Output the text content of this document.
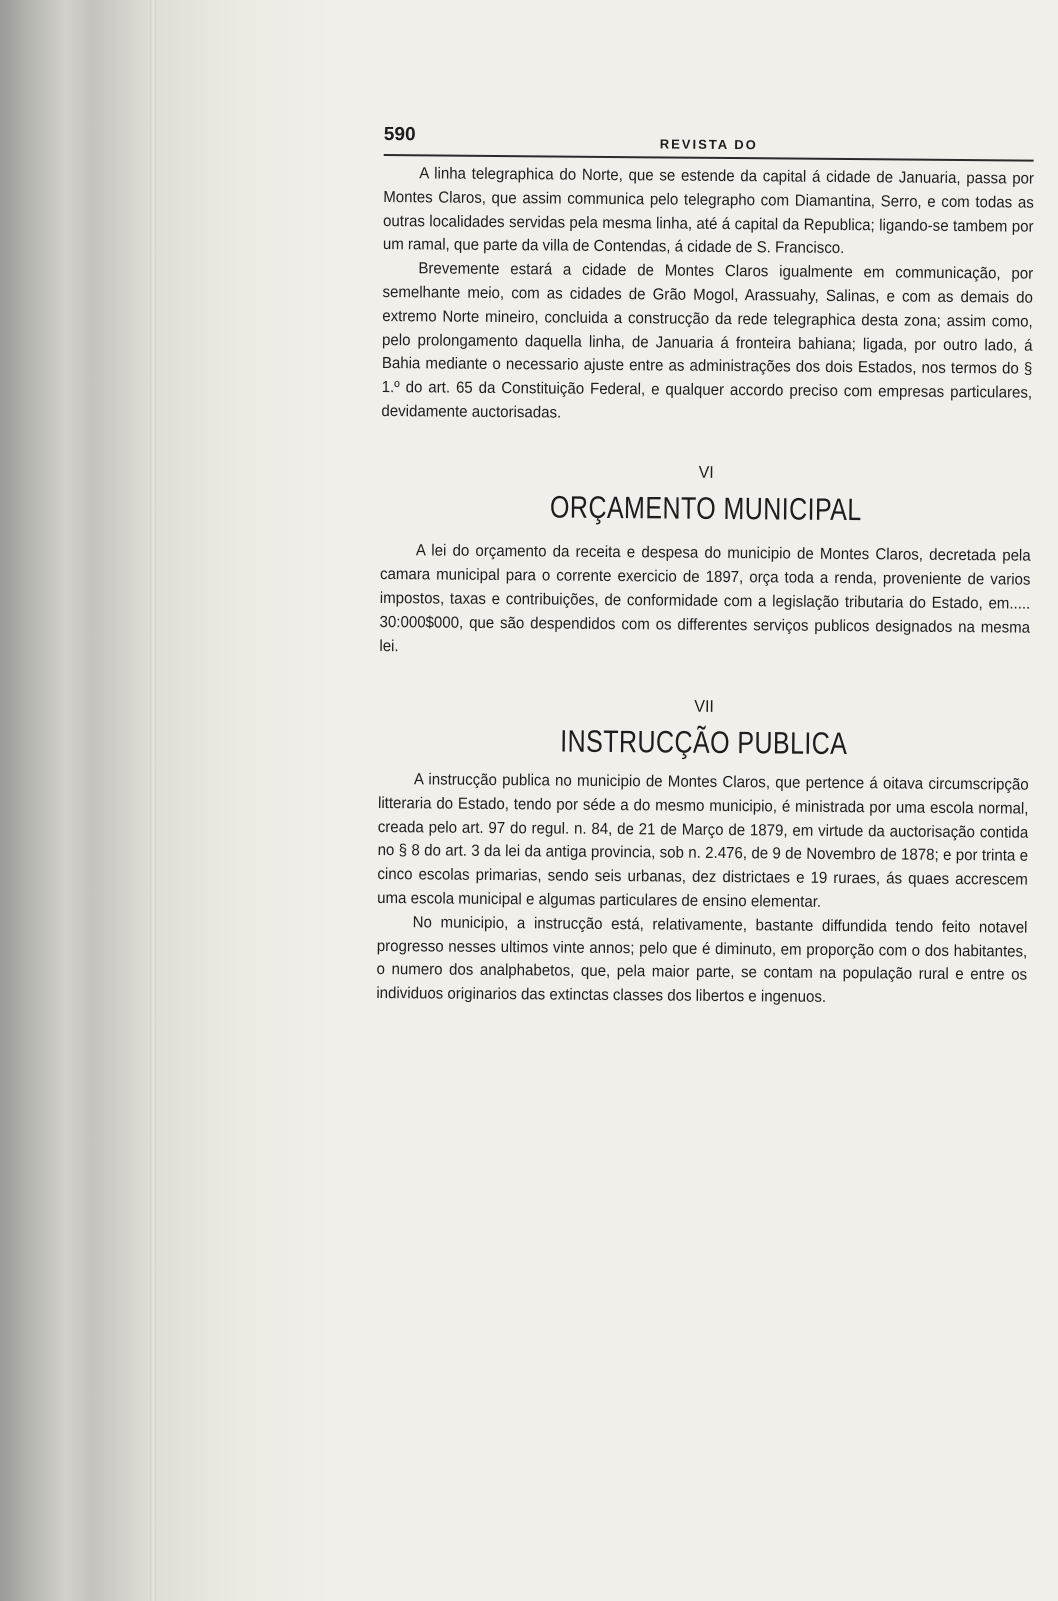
590	REVISTA DO

A linha telegraphica do Norte, que se estende da capital á cidade de Januaria, passa por Montes Claros, que assim communica pelo telegrapho com Diamantina, Serro, e com todas as outras localidades servidas pela mesma linha, até á capital da Republica; ligando-se tambem por um ramal, que parte da villa de Contendas, á cidade de S. Francisco.

Brevemente estará a cidade de Montes Claros igualmente em communicação, por semelhante meio, com as cidades de Grão Mogol, Arassuahy, Salinas, e com as demais do extremo Norte mineiro, concluida a construcção da rede telegraphica desta zona; assim como, pelo prolongamento daquella linha, de Januaria á fronteira bahiana; ligada, por outro lado, á Bahia mediante o necessario ajuste entre as administrações dos dois Estados, nos termos do § 1.º do art. 65 da Constituição Federal, e qualquer accordo preciso com empresas particulares, devidamente auctorisadas.

VI
ORÇAMENTO MUNICIPAL

A lei do orçamento da receita e despesa do municipio de Montes Claros, decretada pela camara municipal para o corrente exercicio de 1897, orça toda a renda, proveniente de varios impostos, taxas e contribuições, de conformidade com a legislação tributaria do Estado, em..... 30:000$000, que são despendidos com os differentes serviços publicos designados na mesma lei.

VII
INSTRUCÇÃO PUBLICA

A instrucção publica no municipio de Montes Claros, que pertence á oitava circumscripção litteraria do Estado, tendo por séde a do mesmo municipio, é ministrada por uma escola normal, creada pelo art. 97 do regul. n. 84, de 21 de Março de 1879, em virtude da auctorisação contida no § 8 do art. 3 da lei da antiga provincia, sob n. 2.476, de 9 de Novembro de 1878; e por trinta e cinco escolas primarias, sendo seis urbanas, dez districtaes e 19 ruraes, ás quaes accrescem uma escola municipal e algumas particulares de ensino elementar.

No municipio, a instrucção está, relativamente, bastante diffundida tendo feito notavel progresso nesses ultimos vinte annos; pelo que é diminuto, em proporção com o dos habitantes, o numero dos analphabetos, que, pela maior parte, se contam na população rural e entre os individuos originarios das extinctas classes dos libertos e ingenuos.
